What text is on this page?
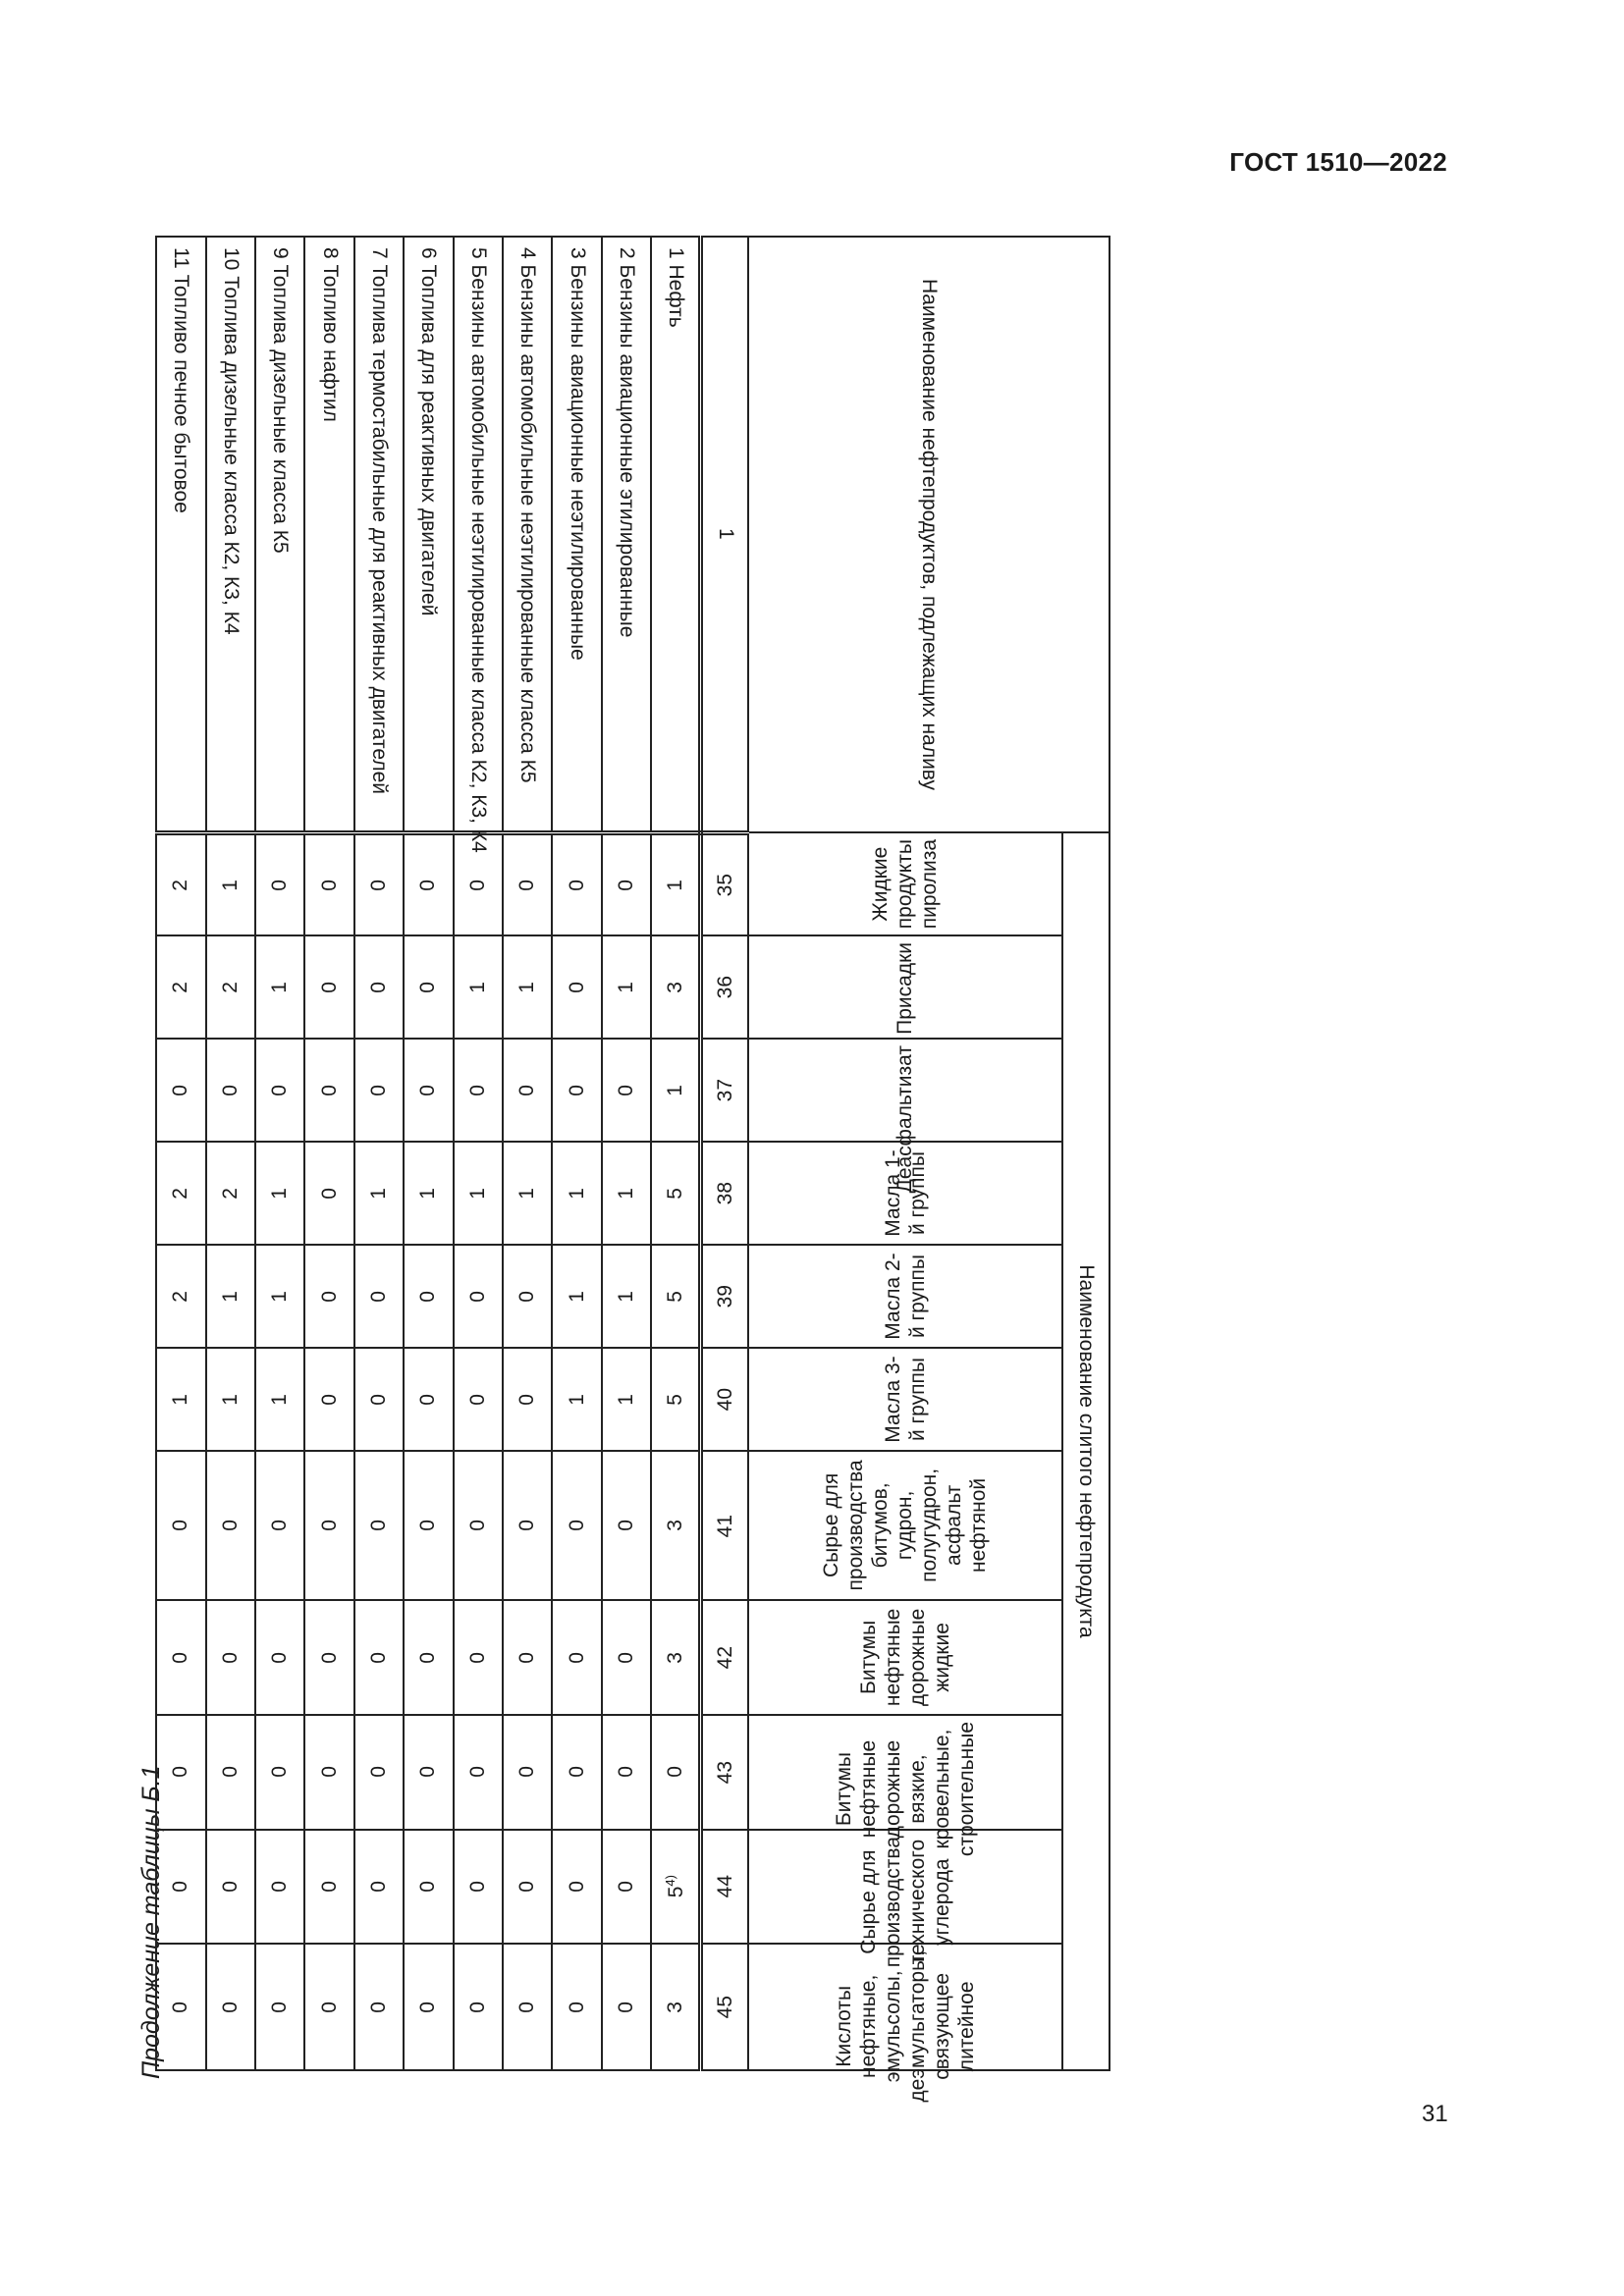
ГОСТ 1510—2022
Продолжение таблицы Б.1
31
Наименование нефтепродуктов, подлежащих наливу	Наименование слитого нефтепродукта										
	Жидкие продукты пиролиза	Присадки	Деасфальтизат	Масла 1-й группы	Масла 2-й группы	Масла 3-й группы	Сырье для производства битумов, гудрон, полугудрон, асфальт нефтяной	Битумы нефтяные дорожные жидкие	Битумы нефтяные дорожные вязкие, кровельные, строительные	Сырье для производства технического углерода	Кислоты нефтяные, эмульсолы, деэмульгаторы, связующее литейное
1	35	36	37	38	39	40	41	42	43	44	45
1 Нефть	1	3	1	5	5	5	3	3	0	5$^{4)}$	3
2 Бензины авиационные этилированные	0	1	0	1	1	1	0	0	0	0	0
3 Бензины авиационные неэтилированные	0	0	0	1	1	1	0	0	0	0	0
4 Бензины автомобильные неэтилированные класса К5	0	1	0	1	0	0	0	0	0	0	0
5 Бензины автомобильные неэтилированные класса К2, К3, К4	0	1	0	1	0	0	0	0	0	0	0
6 Топлива для реактивных двигателей	0	0	0	1	0	0	0	0	0	0	0
7 Топлива термостабильные для реактивных двигателей	0	0	0	1	0	0	0	0	0	0	0
8 Топливо нафтил	0	0	0	0	0	0	0	0	0	0	0
9 Топлива дизельные класса К5	0	1	0	1	1	1	0	0	0	0	0
10 Топлива дизельные класса К2, К3, К4	1	2	0	2	1	1	0	0	0	0	0
11 Топливо печное бытовое	2	2	0	2	2	1	0	0	0	0	0
